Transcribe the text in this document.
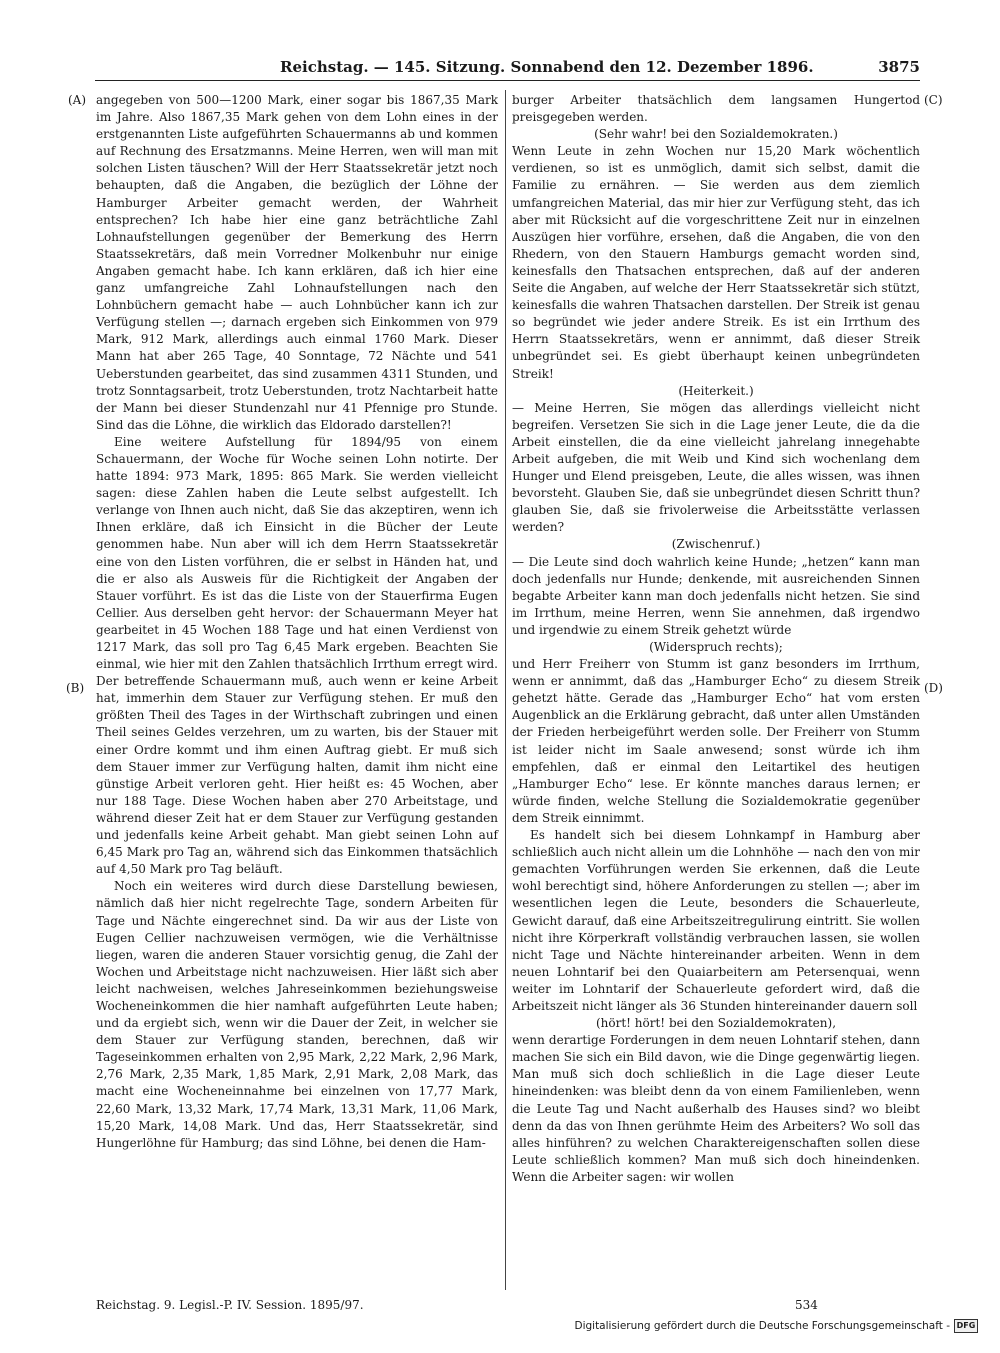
Reichstag. — 145. Sitzung. Sonnabend den 12. Dezember 1896.	3875
(A)
(B)
(C)
(D)

angegeben von 500—1200 Mark, einer sogar bis 1867,35 Mark im Jahre. Also 1867,35 Mark gehen von dem Lohn eines in der erstgenannten Liste aufgeführten Schauermanns ab und kommen auf Rechnung des Ersatzmanns. Meine Herren, wen will man mit solchen Listen täuschen? Will der Herr Staatssekretär jetzt noch behaupten, daß die Angaben, die bezüglich der Löhne der Hamburger Arbeiter gemacht werden, der Wahrheit entsprechen? Ich habe hier eine ganz beträchtliche Zahl Lohnaufstellungen gegenüber der Bemerkung des Herrn Staatssekretärs, daß mein Vorredner Molkenbuhr nur einige Angaben gemacht habe. Ich kann erklären, daß ich hier eine ganz umfangreiche Zahl Lohnaufstellungen nach den Lohnbüchern gemacht habe — auch Lohnbücher kann ich zur Verfügung stellen —; darnach ergeben sich Einkommen von 979 Mark, 912 Mark, allerdings auch einmal 1760 Mark. Dieser Mann hat aber 265 Tage, 40 Sonntage, 72 Nächte und 541 Ueberstunden gearbeitet, das sind zusammen 4311 Stunden, und trotz Sonntagsarbeit, trotz Ueberstunden, trotz Nachtarbeit hatte der Mann bei dieser Stundenzahl nur 41 Pfennige pro Stunde. Sind das die Löhne, die wirklich das Eldorado darstellen?!

Eine weitere Aufstellung für 1894/95 von einem Schauermann, der Woche für Woche seinen Lohn notirte. Der hatte 1894: 973 Mark, 1895: 865 Mark. Sie werden vielleicht sagen: diese Zahlen haben die Leute selbst aufgestellt. Ich verlange von Ihnen auch nicht, daß Sie das akzeptiren, wenn ich Ihnen erkläre, daß ich Einsicht in die Bücher der Leute genommen habe. Nun aber will ich dem Herrn Staatssekretär eine von den Listen vorführen, die er selbst in Händen hat, und die er also als Ausweis für die Richtigkeit der Angaben der Stauer vorführt. Es ist das die Liste von der Stauerfirma Eugen Cellier. Aus derselben geht hervor: der Schauermann Meyer hat gearbeitet in 45 Wochen 188 Tage und hat einen Verdienst von 1217 Mark, das soll pro Tag 6,45 Mark ergeben. Beachten Sie einmal, wie hier mit den Zahlen thatsächlich Irrthum erregt wird. Der betreffende Schauermann muß, auch wenn er keine Arbeit hat, immerhin dem Stauer zur Verfügung stehen. Er muß den größten Theil des Tages in der Wirthschaft zubringen und einen Theil seines Geldes verzehren, um zu warten, bis der Stauer mit einer Ordre kommt und ihm einen Auftrag giebt. Er muß sich dem Stauer immer zur Verfügung halten, damit ihm nicht eine günstige Arbeit verloren geht. Hier heißt es: 45 Wochen, aber nur 188 Tage. Diese Wochen haben aber 270 Arbeitstage, und während dieser Zeit hat er dem Stauer zur Verfügung gestanden und jedenfalls keine Arbeit gehabt. Man giebt seinen Lohn auf 6,45 Mark pro Tag an, während sich das Einkommen thatsächlich auf 4,50 Mark pro Tag beläuft.

Noch ein weiteres wird durch diese Darstellung bewiesen, nämlich daß hier nicht regelrechte Tage, sondern Arbeiten für Tage und Nächte eingerechnet sind. Da wir aus der Liste von Eugen Cellier nachzuweisen vermögen, wie die Verhältnisse liegen, waren die anderen Stauer vorsichtig genug, die Zahl der Wochen und Arbeitstage nicht nachzuweisen. Hier läßt sich aber leicht nachweisen, welches Jahreseinkommen beziehungsweise Wocheneinkommen die hier namhaft aufgeführten Leute haben; und da ergiebt sich, wenn wir die Dauer der Zeit, in welcher sie dem Stauer zur Verfügung standen, berechnen, daß wir Tageseinkommen erhalten von 2,95 Mark, 2,22 Mark, 2,96 Mark, 2,76 Mark, 2,35 Mark, 1,85 Mark, 2,91 Mark, 2,08 Mark, das macht eine Wocheneinnahme bei einzelnen von 17,77 Mark, 22,60 Mark, 13,32 Mark, 17,74 Mark, 13,31 Mark, 11,06 Mark, 15,20 Mark, 14,08 Mark. Und das, Herr Staatssekretär, sind Hungerlöhne für Hamburg; das sind Löhne, bei denen die Ham-

burger Arbeiter thatsächlich dem langsamen Hungertod preisgegeben werden.

(Sehr wahr! bei den Sozialdemokraten.)

Wenn Leute in zehn Wochen nur 15,20 Mark wöchentlich verdienen, so ist es unmöglich, damit sich selbst, damit die Familie zu ernähren. — Sie werden aus dem ziemlich umfangreichen Material, das mir hier zur Verfügung steht, das ich aber mit Rücksicht auf die vorgeschrittene Zeit nur in einzelnen Auszügen hier vorführe, ersehen, daß die Angaben, die von den Rhedern, von den Stauern Hamburgs gemacht worden sind, keinesfalls den Thatsachen entsprechen, daß auf der anderen Seite die Angaben, auf welche der Herr Staatssekretär sich stützt, keinesfalls die wahren Thatsachen darstellen. Der Streik ist genau so begründet wie jeder andere Streik. Es ist ein Irrthum des Herrn Staatssekretärs, wenn er annimmt, daß dieser Streik unbegründet sei. Es giebt überhaupt keinen unbegründeten Streik!

(Heiterkeit.)

— Meine Herren, Sie mögen das allerdings vielleicht nicht begreifen. Versetzen Sie sich in die Lage jener Leute, die da die Arbeit einstellen, die da eine vielleicht jahrelang innegehabte Arbeit aufgeben, die mit Weib und Kind sich wochenlang dem Hunger und Elend preisgeben, Leute, die alles wissen, was ihnen bevorsteht. Glauben Sie, daß sie unbegründet diesen Schritt thun? glauben Sie, daß sie frivolerweise die Arbeitsstätte verlassen werden?

(Zwischenruf.)

— Die Leute sind doch wahrlich keine Hunde; „hetzen“ kann man doch jedenfalls nur Hunde; denkende, mit ausreichenden Sinnen begabte Arbeiter kann man doch jedenfalls nicht hetzen. Sie sind im Irrthum, meine Herren, wenn Sie annehmen, daß irgendwo und irgendwie zu einem Streik gehetzt würde

(Widerspruch rechts);

und Herr Freiherr von Stumm ist ganz besonders im Irrthum, wenn er annimmt, daß das „Hamburger Echo“ zu diesem Streik gehetzt hätte. Gerade das „Hamburger Echo“ hat vom ersten Augenblick an die Erklärung gebracht, daß unter allen Umständen der Frieden herbeigeführt werden solle. Der Freiherr von Stumm ist leider nicht im Saale anwesend; sonst würde ich ihm empfehlen, daß er einmal den Leitartikel des heutigen „Hamburger Echo“ lese. Er könnte manches daraus lernen; er würde finden, welche Stellung die Sozialdemokratie gegenüber dem Streik einnimmt.

Es handelt sich bei diesem Lohnkampf in Hamburg aber schließlich auch nicht allein um die Lohnhöhe — nach den von mir gemachten Vorführungen werden Sie erkennen, daß die Leute wohl berechtigt sind, höhere Anforderungen zu stellen —; aber im wesentlichen legen die Leute, besonders die Schauerleute, Gewicht darauf, daß eine Arbeitszeitregulirung eintritt. Sie wollen nicht ihre Körperkraft vollständig verbrauchen lassen, sie wollen nicht Tage und Nächte hintereinander arbeiten. Wenn in dem neuen Lohntarif bei den Quaiarbeitern am Petersenquai, wenn weiter im Lohntarif der Schauerleute gefordert wird, daß die Arbeitszeit nicht länger als 36 Stunden hintereinander dauern soll

(hört! hört! bei den Sozialdemokraten),

wenn derartige Forderungen in dem neuen Lohntarif stehen, dann machen Sie sich ein Bild davon, wie die Dinge gegenwärtig liegen. Man muß sich doch schließlich in die Lage dieser Leute hineindenken: was bleibt denn da von einem Familienleben, wenn die Leute Tag und Nacht außerhalb des Hauses sind? wo bleibt denn da das von Ihnen gerühmte Heim des Arbeiters? Wo soll das alles hinführen? zu welchen Charaktereigenschaften sollen diese Leute schließlich kommen? Man muß sich doch hineindenken. Wenn die Arbeiter sagen: wir wollen

Reichstag. 9. Legisl.-P. IV. Session. 1895/97.	534
Digitalisierung gefördert durch die Deutsche Forschungsgemeinschaft - DFG
